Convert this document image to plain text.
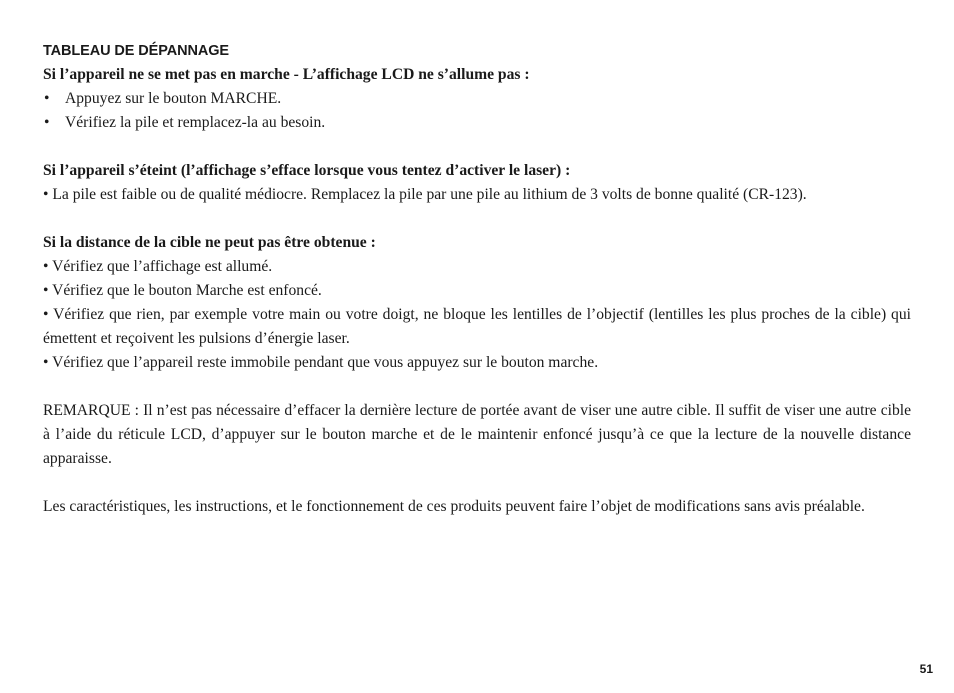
TABLEAU DE DÉPANNAGE
Si l’appareil ne se met pas en marche - L’affichage LCD ne s’allume pas :
• Appuyez sur le bouton MARCHE.
• Vérifiez la pile et remplacez-la au besoin.
Si l’appareil s’éteint (l’affichage s’efface lorsque vous tentez d’activer le laser) :
• La pile est faible ou de qualité médiocre. Remplacez la pile par une pile au lithium de 3 volts de bonne qualité (CR-123).
Si la distance de la cible ne peut pas être obtenue :
• Vérifiez que l’affichage est allumé.
• Vérifiez que le bouton Marche est enfoncé.
• Vérifiez que rien, par exemple votre main ou votre doigt, ne bloque les lentilles de l’objectif (lentilles les plus proches de la cible) qui émettent et reçoivent les pulsions d’énergie laser.
• Vérifiez que l’appareil reste immobile pendant que vous appuyez sur le bouton marche.
REMARQUE : Il n’est pas nécessaire d’effacer la dernière lecture de portée avant de viser une autre cible. Il suffit de viser une autre cible à l’aide du réticule LCD, d’appuyer sur le bouton marche et de le maintenir enfoncé jusqu’à ce que la lecture de la nouvelle distance apparaisse.
Les caractéristiques, les instructions, et le fonctionnement de ces produits peuvent faire l’objet de modifications sans avis préalable.
51
